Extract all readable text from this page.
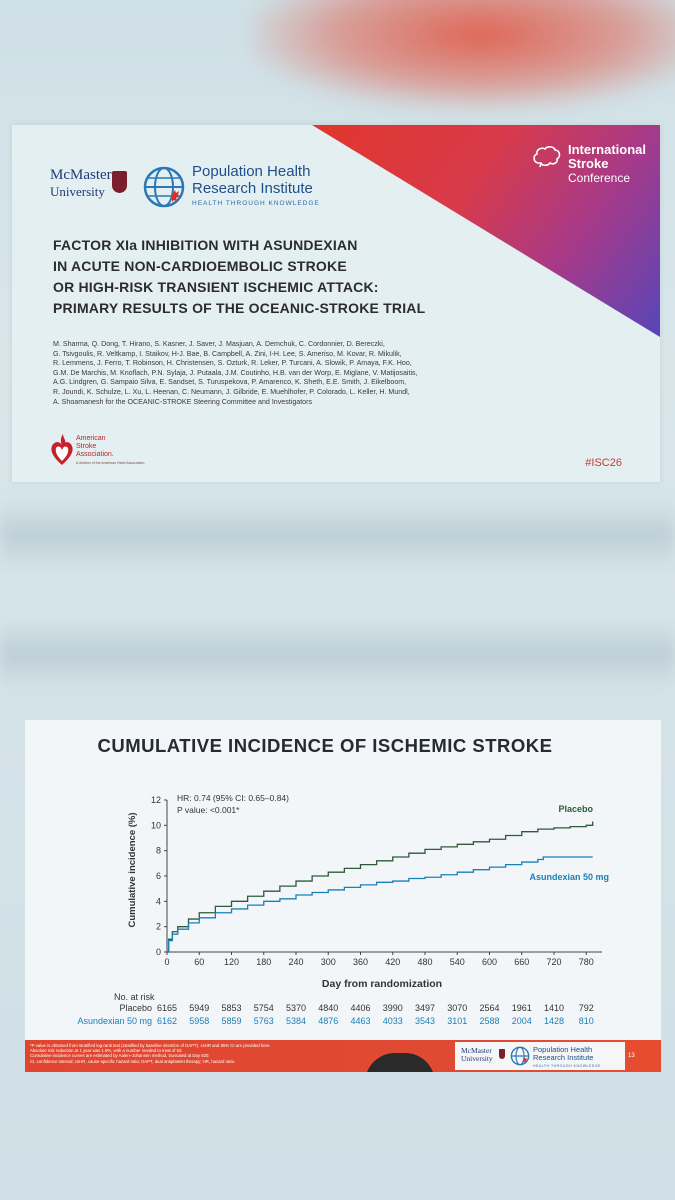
International
Stroke
Conference
McMaster
University
Population Health
Research Institute
HEALTH THROUGH KNOWLEDGE
FACTOR XIa INHIBITION WITH ASUNDEXIAN
IN ACUTE NON-CARDIOEMBOLIC STROKE
OR HIGH-RISK TRANSIENT ISCHEMIC ATTACK:
PRIMARY RESULTS OF THE OCEANIC-STROKE TRIAL
M. Sharma, Q. Dong, T. Hirano, S. Kasner, J. Saver, J. Masjuan, A. Demchuk, C. Cordonnier, D. Bereczki,
G. Tsivgoulis, R. Veltkamp, I. Staikov, H-J. Bae, B. Campbell, A. Zini, I-H. Lee, S. Ameriso, M. Kovar, R. Mikulik,
R. Lemmens, J. Ferro, T. Robinson, H. Christensen, S. Ozturk, R. Leker, P. Turcani, A. Slowik, P. Amaya, F.K. Hoo,
G.M. De Marchis, M. Knoflach, P.N. Sylaja, J. Putaala, J.M. Coutinho, H.B. van der Worp, E. Miglane, V. Matijosaitis,
A.G. Lindgren, G. Sampaio Silva, E. Sandset, S. Turuspekova, P. Amarenco, K. Sheth, E.E. Smith, J. Eikelboom,
R. Joundi, K. Schulze, L. Xu, L. Heenan, C. Neumann, J. Gilbride, E. Muehlhofer, P. Colorado, L. Keller, H. Mundl,
A. Shoamanesh for the OCEANIC-STROKE Steering Committee and Investigators
American
Stroke
Association.
A division of the American Heart Association.	#ISC26
CUMULATIVE INCIDENCE OF ISCHEMIC STROKE
Cumulative incidence (%)
Day from randomization
HR: 0.74 (95% CI: 0.65–0.84)
P value: <0.001*
0
2
4
6
8
10
12
0	60 120 180 240 300 360 420 480 540 600 660 720 780
Placebo
Asundexian 50 mg
No. at risk
Placebo 6165 5949 5853 5754 5370 4840 4406 3990 3497 3070 2564 1961 1410 792
Asundexian 50 mg 6162 5958 5859 5763 5384 4876 4463 4033 3543 3101 2588 2004 1428 810
*P value is obtained from stratified log-rank test (stratified by baseline intention of DAPT). csHR and 95% CI are provided here.
Absolute risk reduction at 1 year was 1.9%, with a number needed to treat of 53.
Cumulative incidence curves are estimated by Aalen–Johansen method, truncated at Day 820.
CI, confidence interval; csHR, cause-specific hazard ratio; DAPT, dual antiplatelet therapy; HR, hazard ratio.
McMaster
University
Population Health
Research Institute
HEALTH THROUGH KNOWLEDGE
13
